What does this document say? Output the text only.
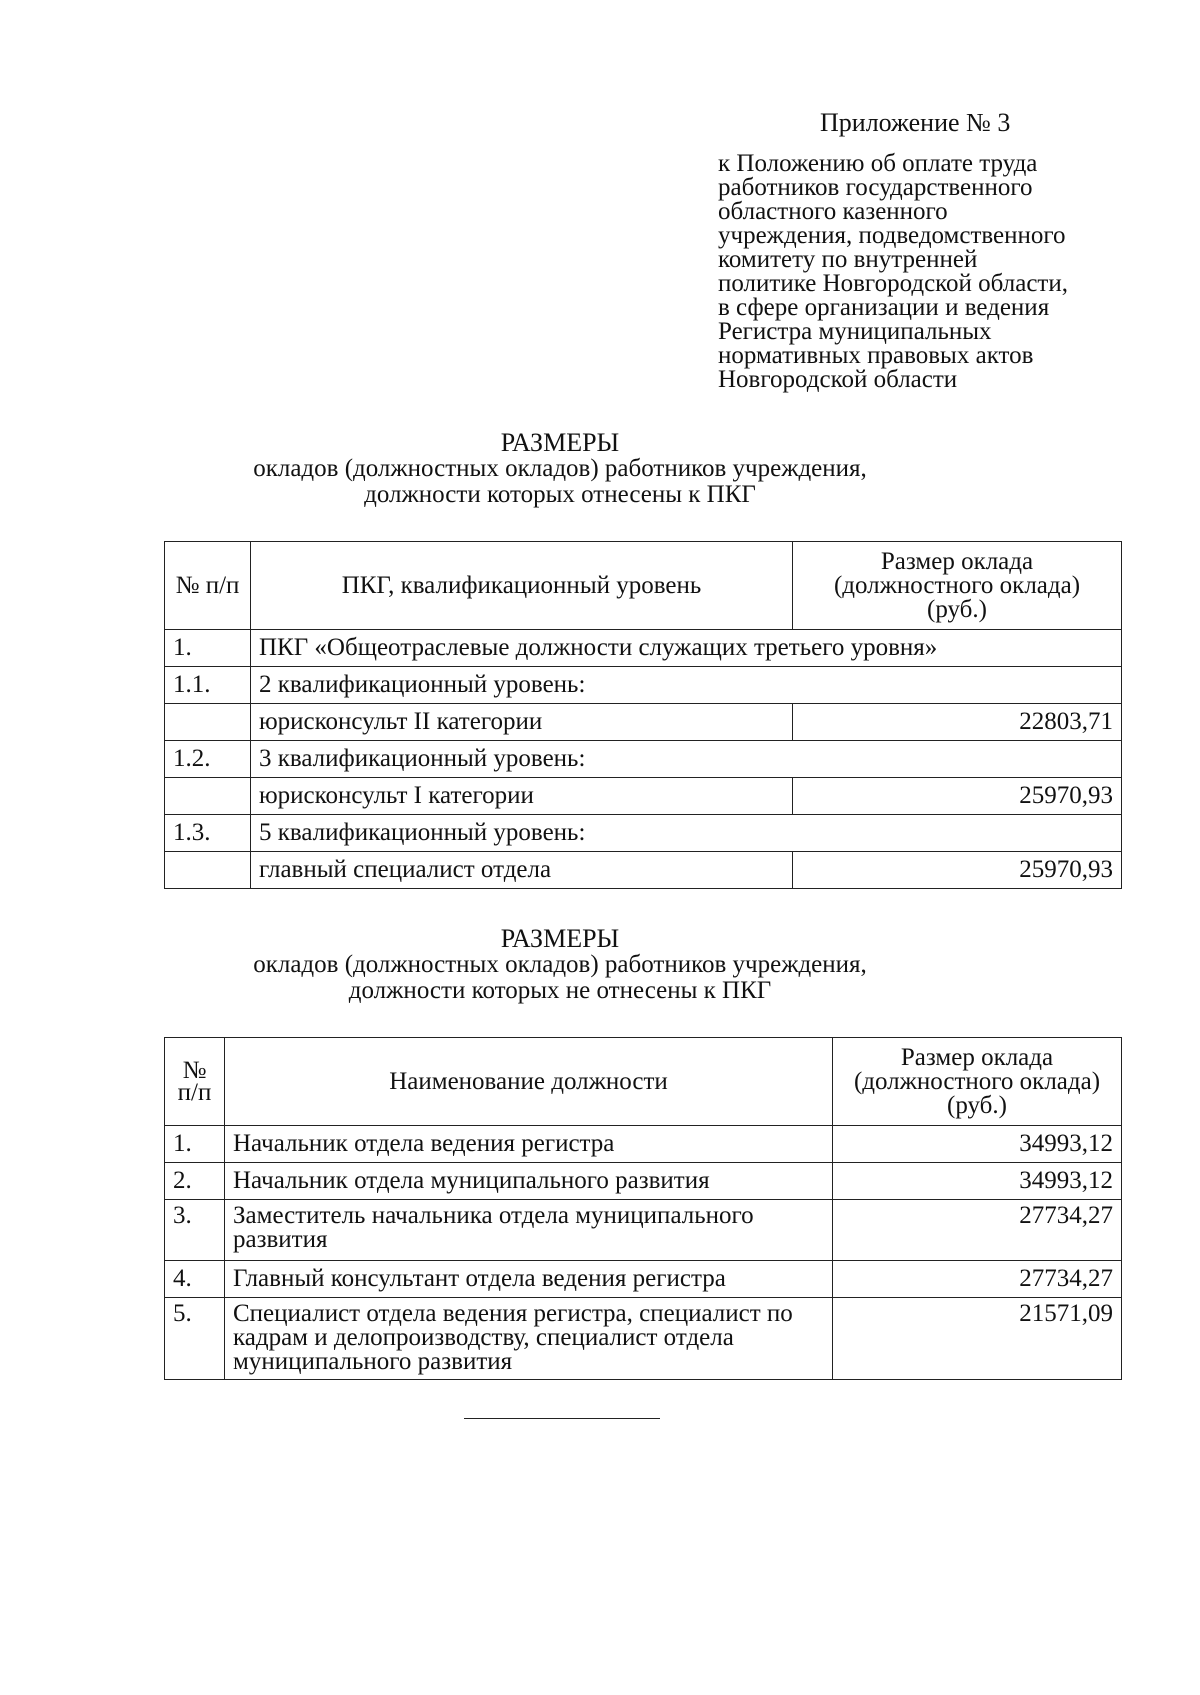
Приложение № 3
к Положению об оплате труда
работников государственного
областного казенного
учреждения, подведомственного
комитету по внутренней
политике Новгородской области,
в сфере организации и ведения
Регистра муниципальных
нормативных правовых актов
Новгородской области
РАЗМЕРЫ
окладов (должностных окладов) работников учреждения,
должности которых отнесены к ПКГ
№ п/п	ПКГ, квалификационный уровень	Размер оклада (должностного оклада) (руб.)
1.	ПКГ «Общеотраслевые должности служащих третьего уровня»	
1.1.	2 квалификационный уровень:	
	юрисконсульт II категории	22803,71
1.2.	3 квалификационный уровень:	
	юрисконсульт I категории	25970,93
1.3.	5 квалификационный уровень:	
	главный специалист отдела	25970,93
РАЗМЕРЫ
окладов (должностных окладов) работников учреждения,
должности которых не отнесены к ПКГ
№ п/п	Наименование должности	Размер оклада (должностного оклада) (руб.)
1.	Начальник отдела ведения регистра	34993,12
2.	Начальник отдела муниципального развития	34993,12
3.	Заместитель начальника отдела муниципального развития	27734,27
4.	Главный консультант отдела ведения регистра	27734,27
5.	Специалист отдела ведения регистра, специалист по кадрам и делопроизводству, специалист отдела муниципального развития	21571,09
